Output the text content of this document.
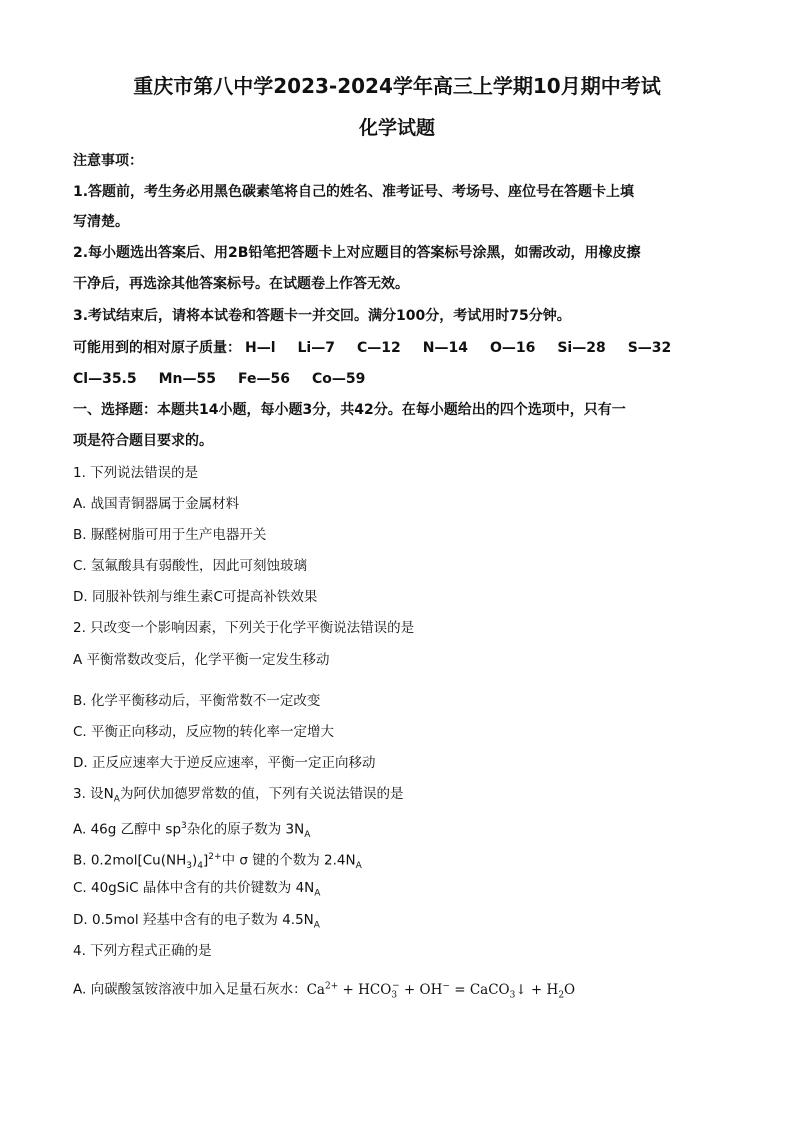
重庆市第八中学2023-2024学年高三上学期10月期中考试
化学试题
注意事项：
1.答题前，考生务必用黑色碳素笔将自己的姓名、准考证号、考场号、座位号在答题卡上填
写清楚。
2.每小题选出答案后、用2B铅笔把答题卡上对应题目的答案标号涂黑，如需改动，用橡皮擦
干净后，再选涂其他答案标号。在试题卷上作答无效。
3.考试结束后，请将本试卷和答题卡一并交回。满分100分，考试用时75分钟。
可能用到的相对原子质量： H—l Li—7 C—12 N—14 O—16 Si—28 S—32
Cl—35.5 Mn—55 Fe—56 Co—59
一、选择题：本题共14小题，每小题3分，共42分。在每小题给出的四个选项中，只有一
项是符合题目要求的。
1. 下列说法错误的是
A. 战国青铜器属于金属材料
B. 脲醛树脂可用于生产电器开关
C. 氢氟酸具有弱酸性，因此可刻蚀玻璃
D. 同服补铁剂与维生素C可提高补铁效果
2. 只改变一个影响因素，下列关于化学平衡说法错误的是
A 平衡常数改变后，化学平衡一定发生移动
B. 化学平衡移动后，平衡常数不一定改变
C. 平衡正向移动，反应物的转化率一定增大
D. 正反应速率大于逆反应速率，平衡一定正向移动
3. 设$N_A$为阿伏加德罗常数的值，下列有关说法错误的是
A. 46g 乙醇中 $sp^3$杂化的原子数为 $3N_A$
B. $0.2mol[Cu(NH_3)_4]^{2+}$中 σ 键的个数为 $2.4N_A$
C. 40gSiC 晶体中含有的共价键数为 $4N_A$
D. 0.5mol 羟基中含有的电子数为 $4.5N_A$
4. 下列方程式正确的是
A. 向碳酸氢铵溶液中加入足量石灰水：$Ca^{2+} + HCO_3^- + OH^-$ = CaCO$_3$↓ + $H_2O$
